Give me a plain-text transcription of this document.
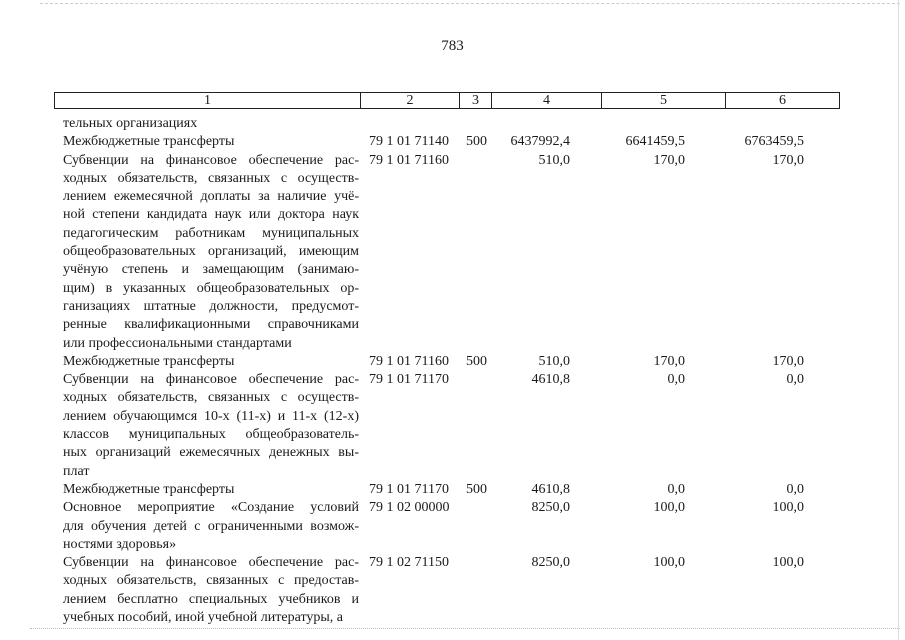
783
1	2	3	4	5	6
тельных организациях
Межбюджетные трансферты	79 1 01 71140 500	6437992,4	6641459,5	6763459,5
Субвенции на финансовое обеспечение рас-
ходных обязательств, связанных с осуществ-
лением ежемесячной доплаты за наличие учё-
ной степени кандидата наук или доктора наук
педагогическим работникам муниципальных
общеобразовательных организаций, имеющим
учёную степень и замещающим (занимаю-
щим) в указанных общеобразовательных ор-
ганизациях штатные должности, предусмот-
ренные квалификационными справочниками
или профессиональными стандартами
79 1 01 71160	510,0	170,0	170,0
Межбюджетные трансферты	79 1 01 71160 500	510,0	170,0	170,0
Субвенции на финансовое обеспечение рас-
ходных обязательств, связанных с осуществ-
лением обучающимся 10-х (11-х) и 11-х (12-х)
классов муниципальных общеобразователь-
ных организаций ежемесячных денежных вы-
плат
79 1 01 71170	4610,8	0,0	0,0
Межбюджетные трансферты	79 1 01 71170 500	4610,8	0,0	0,0
Основное мероприятие «Создание условий
для обучения детей с ограниченными возмож-
ностями здоровья»
79 1 02 00000	8250,0	100,0	100,0
Субвенции на финансовое обеспечение рас-
ходных обязательств, связанных с предостав-
лением бесплатно специальных учебников и
учебных пособий, иной учебной литературы, а
79 1 02 71150	8250,0	100,0	100,0
